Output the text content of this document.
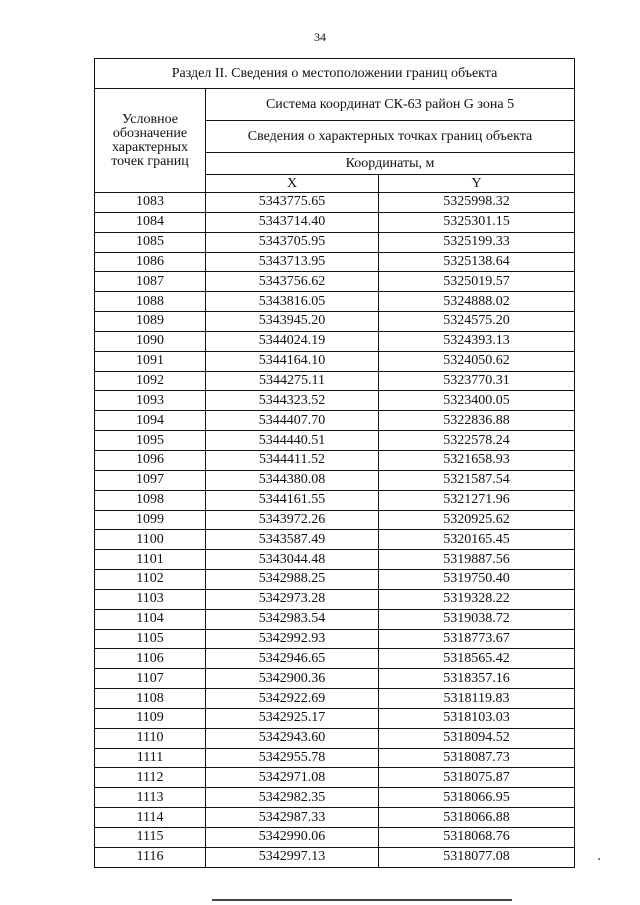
34
Раздел II. Сведения о местоположении границ объекта		
Условное обозначение характерных точек границ	Система координат СК-63 район G зона 5	
	Сведения о характерных точках границ объекта	
	Координаты, м	
	X	Y
1083	5343775.65	5325998.32
1084	5343714.40	5325301.15
1085	5343705.95	5325199.33
1086	5343713.95	5325138.64
1087	5343756.62	5325019.57
1088	5343816.05	5324888.02
1089	5343945.20	5324575.20
1090	5344024.19	5324393.13
1091	5344164.10	5324050.62
1092	5344275.11	5323770.31
1093	5344323.52	5323400.05
1094	5344407.70	5322836.88
1095	5344440.51	5322578.24
1096	5344411.52	5321658.93
1097	5344380.08	5321587.54
1098	5344161.55	5321271.96
1099	5343972.26	5320925.62
1100	5343587.49	5320165.45
1101	5343044.48	5319887.56
1102	5342988.25	5319750.40
1103	5342973.28	5319328.22
1104	5342983.54	5319038.72
1105	5342992.93	5318773.67
1106	5342946.65	5318565.42
1107	5342900.36	5318357.16
1108	5342922.69	5318119.83
1109	5342925.17	5318103.03
1110	5342943.60	5318094.52
1111	5342955.78	5318087.73
1112	5342971.08	5318075.87
1113	5342982.35	5318066.95
1114	5342987.33	5318066.88
1115	5342990.06	5318068.76
1116	5342997.13	5318077.08
